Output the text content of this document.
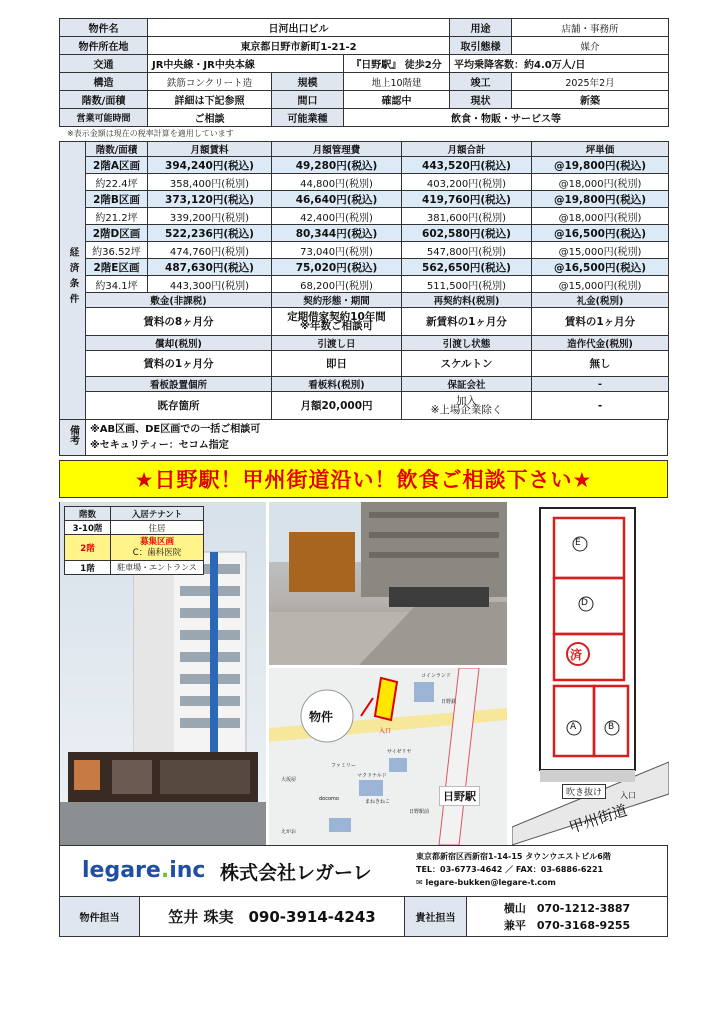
物件名	日河出口ビル			用途	店舗・事務所
物件所在地	東京都日野市新町1-21-2			取引態様	媒介
交通	JR中央線・JR中央本線		『日野駅』 徒歩2分	平均乗降客数：約4.0万人/日	
構造	鉄筋コンクリート造	規模	地上10階建	竣工	2025年2月
階数/面積	詳細は下記参照	間口	確認中	現状	新築
営業可能時間	ご相談	可能業種	飲食・物販・サービス等		
※表示金額は現在の税率計算を適用しています
経済条件	階数/面積	月額賃料	月額管理費	月額合計	坪単価
	2階A区画	394,240円(税込)	49,280円(税込)	443,520円(税込)	@19,800円(税込)
	約22.4坪	358,400円(税別)	44,800円(税別)	403,200円(税別)	@18,000円(税別)
	2階B区画	373,120円(税込)	46,640円(税込)	419,760円(税込)	@19,800円(税込)
	約21.2坪	339,200円(税別)	42,400円(税別)	381,600円(税別)	@18,000円(税別)
	2階D区画	522,236円(税込)	80,344円(税込)	602,580円(税込)	@16,500円(税込)
	約36.52坪	474,760円(税別)	73,040円(税別)	547,800円(税別)	@15,000円(税別)
	2階E区画	487,630円(税込)	75,020円(税込)	562,650円(税込)	@16,500円(税込)
	約34.1坪	443,300円(税別)	68,200円(税別)	511,500円(税別)	@15,000円(税別)
	敷金(非課税)		契約形態・期間	再契約料(税別)	礼金(税別)
	賃料の8ヶ月分		定期借家契約10年間
※年数ご相談可	新賃料の1ヶ月分	賃料の1ヶ月分
	償却(税別)		引渡し日	引渡し状態	造作代金(税別)
	賃料の1ヶ月分		即日	スケルトン	無し
	看板設置個所		看板料(税別)	保証会社	-
	既存箇所		月額20,000円	加入
※上場企業除く	-
備考	※AB区画、DE区画での一括ご相談可
※セキュリティー：セコム指定
★日野駅！甲州街道沿い！飲食ご相談下さい★
階数	入居テナント
3-10階	住居
2階	募集区画
C：歯科医院

1階	駐車場・エントランス
物件
入口
日野駅
コインランド
サイゼリヤ
マクドナルド
docomo	まねきねこ
えがお
日野駅前
日野鉄
ファミリー
大坂屋
E
D
済
A	B
吹き抜け	入口
甲州街道
legare.inc 株式会社レガーレ
東京都新宿区西新宿1-14-15 タウンウエストビル6階
TEL：03-6773-4642 ／ FAX：03-6886-6221
✉ legare-bukken@legare-t.com
物件担当	笠井 珠実　 090-3914-4243	貴社担当	
横山　 070-1212-3887
兼平　 070-3168-9255
